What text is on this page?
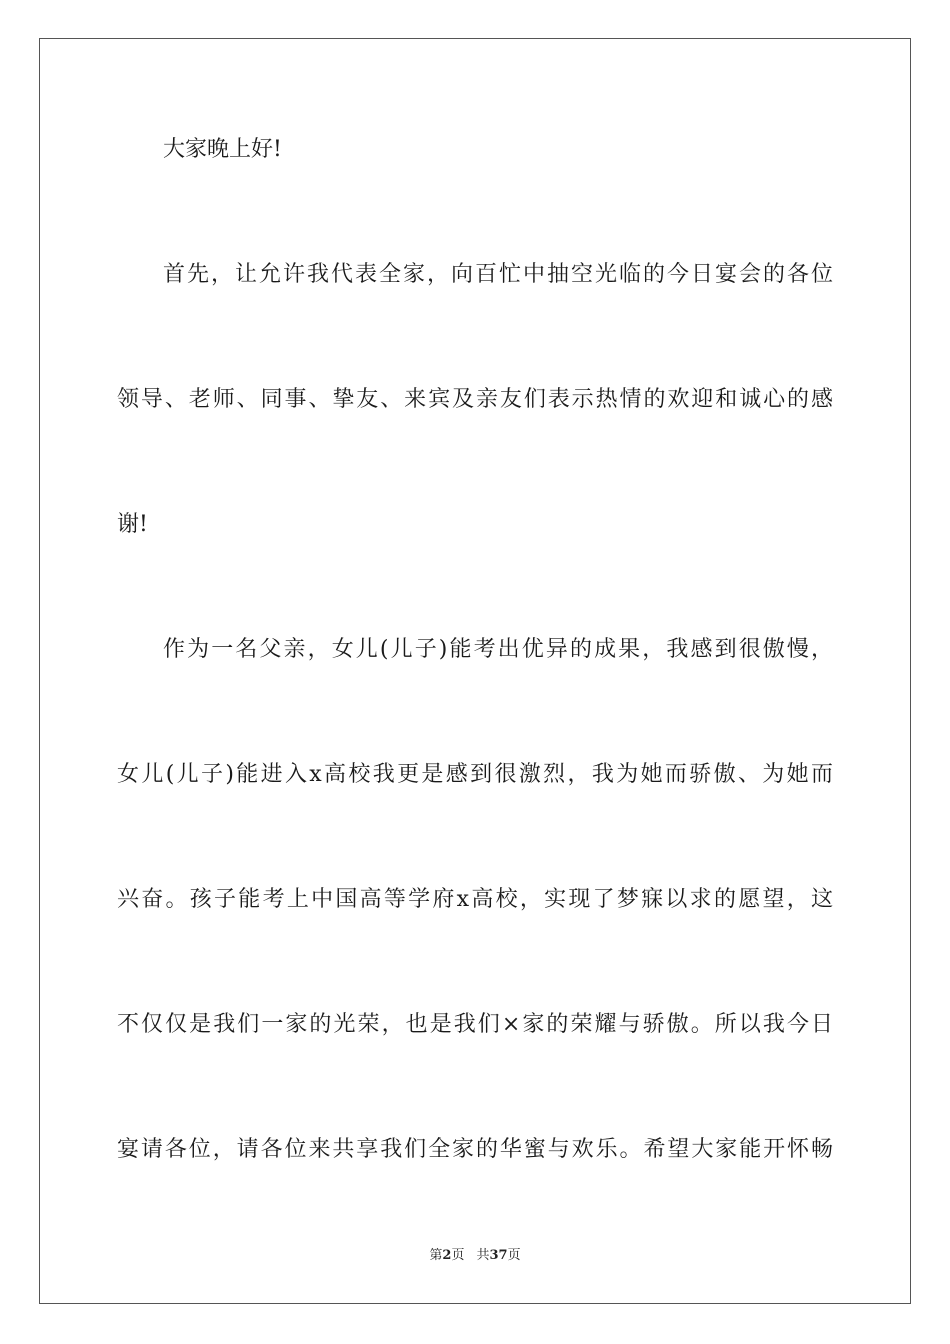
大家晚上好!
首先，让允许我代表全家，向百忙中抽空光临的今日宴会的各位
领导、老师、同事、挚友、来宾及亲友们表示热情的欢迎和诚心的感
谢!
作为一名父亲，女儿(儿子)能考出优异的成果，我感到很傲慢，
女儿(儿子)能进入x高校我更是感到很激烈，我为她而骄傲、为她而
兴奋。孩子能考上中国高等学府x高校，实现了梦寐以求的愿望，这
不仅仅是我们一家的光荣，也是我们×家的荣耀与骄傲。所以我今日
宴请各位，请各位来共享我们全家的华蜜与欢乐。希望大家能开怀畅
第2页 共37页
